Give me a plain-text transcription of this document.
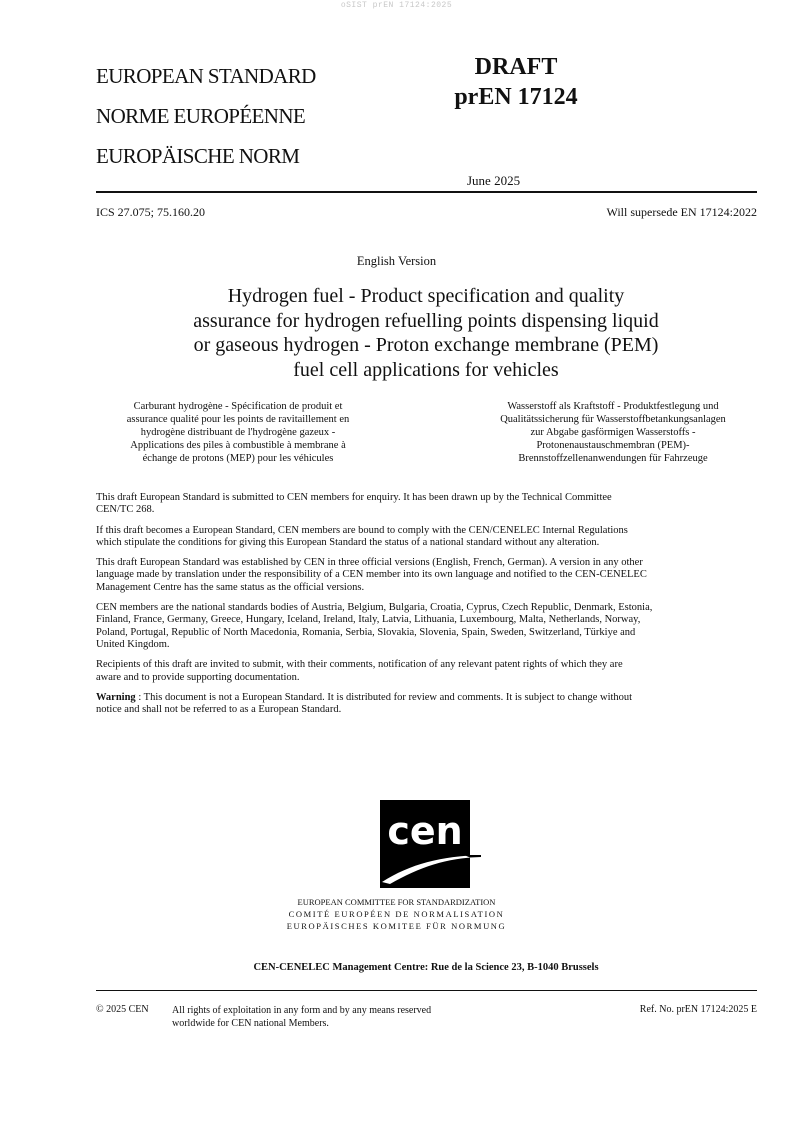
oSIST prEN 17124:2025
EUROPEAN STANDARD
NORME EUROPÉENNE
EUROPÄISCHE NORM
DRAFT
prEN 17124
June 2025
ICS 27.075; 75.160.20	Will supersede EN 17124:2022
English Version
Hydrogen fuel - Product specification and quality
assurance for hydrogen refuelling points dispensing liquid
or gaseous hydrogen - Proton exchange membrane (PEM)
fuel cell applications for vehicles
Carburant hydrogène - Spécification de produit et
assurance qualité pour les points de ravitaillement en
hydrogène distribuant de l'hydrogène gazeux -
Applications des piles à combustible à membrane à
échange de protons (MEP) pour les véhicules
Wasserstoff als Kraftstoff - Produktfestlegung und
Qualitätssicherung für Wasserstoffbetankungsanlagen
zur Abgabe gasförmigen Wasserstoffs -
Protonenaustauschmembran (PEM)-
Brennstoffzellenanwendungen für Fahrzeuge

This draft European Standard is submitted to CEN members for enquiry. It has been drawn up by the Technical Committee
CEN/TC 268.

If this draft becomes a European Standard, CEN members are bound to comply with the CEN/CENELEC Internal Regulations
which stipulate the conditions for giving this European Standard the status of a national standard without any alteration.

This draft European Standard was established by CEN in three official versions (English, French, German). A version in any other
language made by translation under the responsibility of a CEN member into its own language and notified to the CEN-CENELEC
Management Centre has the same status as the official versions.

CEN members are the national standards bodies of Austria, Belgium, Bulgaria, Croatia, Cyprus, Czech Republic, Denmark, Estonia,
Finland, France, Germany, Greece, Hungary, Iceland, Ireland, Italy, Latvia, Lithuania, Luxembourg, Malta, Netherlands, Norway,
Poland, Portugal, Republic of North Macedonia, Romania, Serbia, Slovakia, Slovenia, Spain, Sweden, Switzerland, Türkiye and
United Kingdom.

Recipients of this draft are invited to submit, with their comments, notification of any relevant patent rights of which they are
aware and to provide supporting documentation.

Warning : This document is not a European Standard. It is distributed for review and comments. It is subject to change without
notice and shall not be referred to as a European Standard.

cen
EUROPEAN COMMITTEE FOR STANDARDIZATION
COMITÉ EUROPÉEN DE NORMALISATION
EUROPÄISCHES KOMITEE FÜR NORMUNG
CEN-CENELEC Management Centre: Rue de la Science 23, B-1040 Brussels
© 2025 CEN All rights of exploitation in any form and by any means reserved
worldwide for CEN national Members.
Ref. No. prEN 17124:2025 E
